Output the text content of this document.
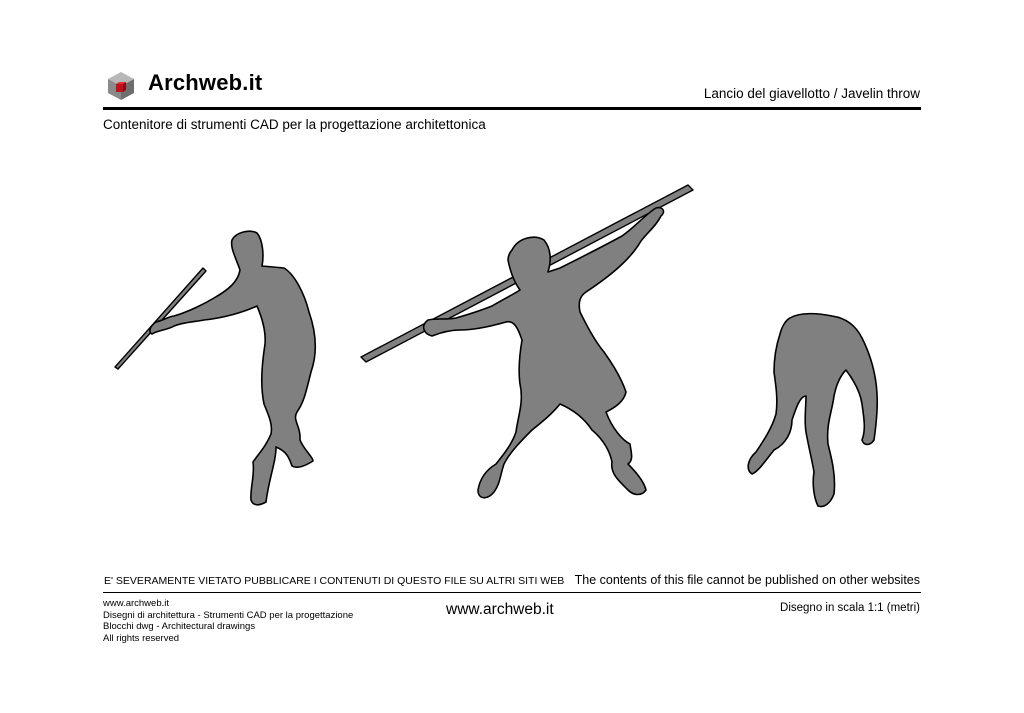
Archweb.it	Lancio del giavellotto / Javelin throw
Contenitore di strumenti CAD per la progettazione architettonica
E' SEVERAMENTE VIETATO PUBBLICARE I CONTENUTI DI QUESTO FILE SU ALTRI SITI WEB The contents of this file cannot be published on other websites
www.archweb.it
Disegni di architettura - Strumenti CAD per la progettazione
Blocchi dwg - Architectural drawings
All rights reserved
www.archweb.it	Disegno in scala 1:1 (metri)
